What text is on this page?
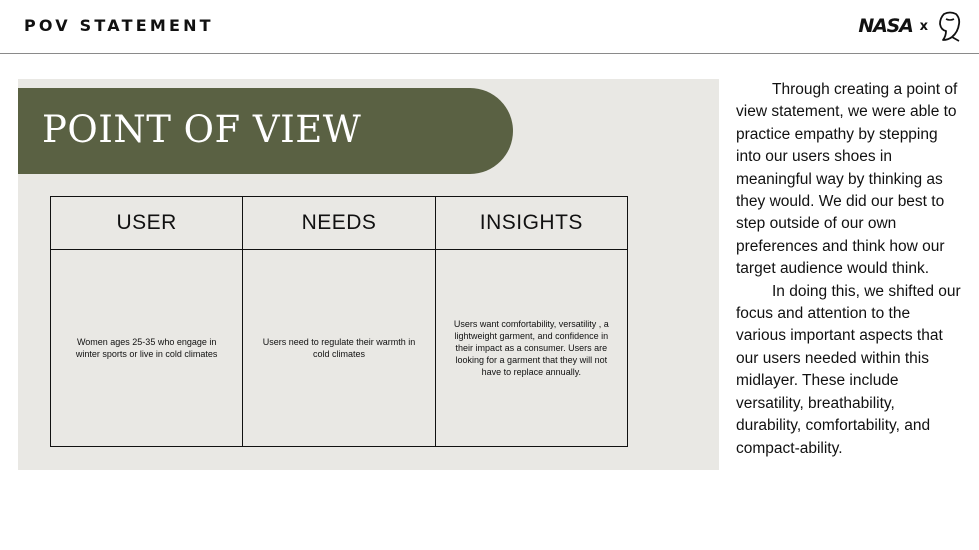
POV STATEMENT	NASA x
POINT OF VIEW
USER	NEEDS	INSIGHTS
Women ages 25-35 who engage in winter sports or live in cold climates	Users need to regulate their warmth in cold climates	Users want comfortability, versatility , a lightweight garment, and confidence in their impact as a consumer. Users are looking for a garment that they will not have to replace annually.

Through creating a point of view statement, we were able to practice empathy by stepping into our users shoes in meaningful way by thinking as they would. We did our best to step outside of our own preferences and think how our target audience would think.

In doing this, we shifted our focus and attention to the various important aspects that our users needed within this midlayer. These include versatility, breathability, durability, comfortability, and compact-ability.
